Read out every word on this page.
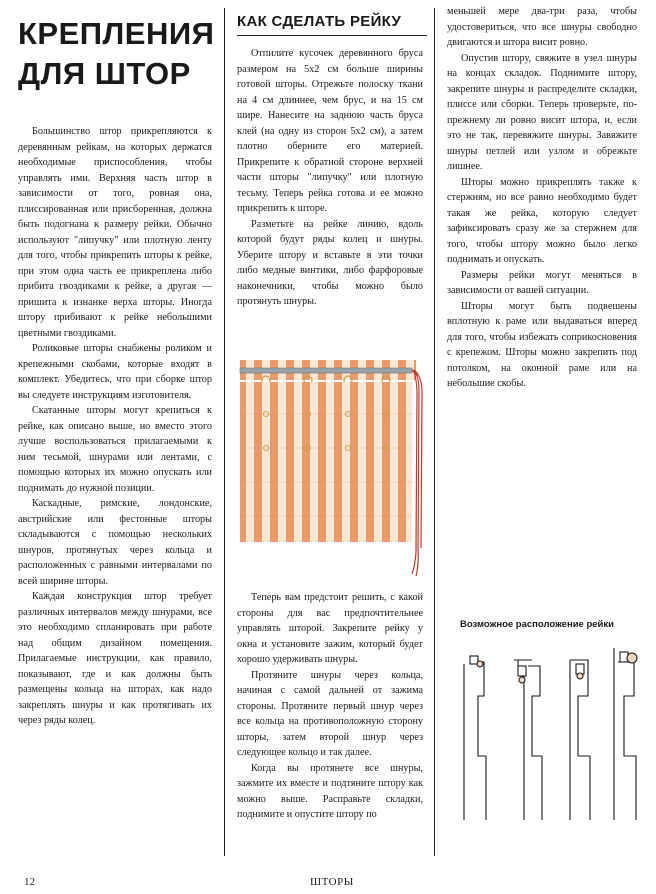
КРЕПЛЕНИЯ
ДЛЯ ШТОР

Большинство штор прикрепляются к деревянным рейкам, на которых держатся необходимые приспособления, чтобы управлять ими. Верхняя часть штор в зависимости от того, ровная она, плиссированная или присборенная, должна быть подогнана к размеру рейки. Обычно используют "липучку" или плотную ленту для того, чтобы прикрепить шторы к рейке, при этом одна часть ее прикреплена либо прибита гвоздиками к рейке, а другая — пришита к изнанке верха шторы. Иногда штору прибивают к рейке небольшими цветными гвоздиками.

Роликовые шторы снабжены роликом и крепежными скобами, которые входят в комплект. Убедитесь, что при сборке штор вы следуете инструкциям изготовителя.

Скатанные шторы могут крепиться к рейке, как описано выше, но вместо этого лучше воспользоваться прилагаемыми к ним тесьмой, шнурами или лентами, с помощью которых их можно опускать или поднимать до нужной позиции.

Каскадные, римские, лондонские, австрийские или фестонные шторы складываются с помощью нескольких шнуров, протянутых через кольца и расположенных с равными интервалами по всей ширине шторы.

Каждая конструкция штор требует различных интервалов между шнурами, все это необходимо спланировать при работе над общим дизайном помещения. Прилагаемые инструкции, как правило, показывают, где и как должны быть размещены кольца на шторах, как надо закреплять шнуры и как протягивать их через ряды колец.

КАК СДЕЛАТЬ РЕЙКУ

Отпилите кусочек деревянного бруса размером на 5х2 см больше ширины готовой шторы. Отрежьте полоску ткани на 4 см длиннее, чем брус, и на 15 см шире. Нанесите на заднюю часть бруса клей (на одну из сторон 5х2 см), а затем плотно оберните его материей. Прикрепите к обратной стороне верхней части шторы "липучку" или плотную тесьму. Теперь рейка готова и ее можно прикрепить к шторе.

Разметьте на рейке линию, вдоль которой будут ряды колец и шнуры. Уберите штору и вставьте в эти точки либо медные винтики, либо фарфоровые наконечники, чтобы можно было протянуть шнуры.

Теперь вам предстоит решить, с какой стороны для вас предпочтительнее управлять шторой. Закрепите рейку у окна и установите зажим, который будет хорошо удерживать шнуры.

Протяните шнуры через кольца, начиная с самой дальней от зажима стороны. Протяните первый шнур через все кольца на противоположную сторону шторы, затем второй шнур через следующее кольцо и так далее.

Когда вы протянете все шнуры, зажмите их вместе и подтяните штору как можно выше. Расправьте складки, поднимите и опустите штору по

меньшей мере два-три раза, чтобы удостовериться, что все шнуры свободно двигаются и штора висит ровно.

Опустив штору, свяжите в узел шнуры на концах складок. Поднимите штору, закрепите шнуры и распределите складки, плиссе или сборки. Теперь проверьте, по-прежнему ли ровно висит штора, и, если это не так, перевяжите шнуры. Завяжите шнуры петлей или узлом и обрежьте лишнее.

Шторы можно прикреплять также к стержням, но все равно необходимо будет такая же рейка, которую следует зафиксировать сразу же за стержнем для того, чтобы штору можно было легко поднимать и опускать.

Размеры рейки могут меняться в зависимости от вашей ситуации.

Шторы могут быть подвешены вплотную к раме или выдаваться вперед для того, чтобы избежать соприкосновения с крепежом. Шторы можно закрепить под потолком, на оконной раме или на небольшие скобы.

Возможное расположение рейки
12	ШТОРЫ
